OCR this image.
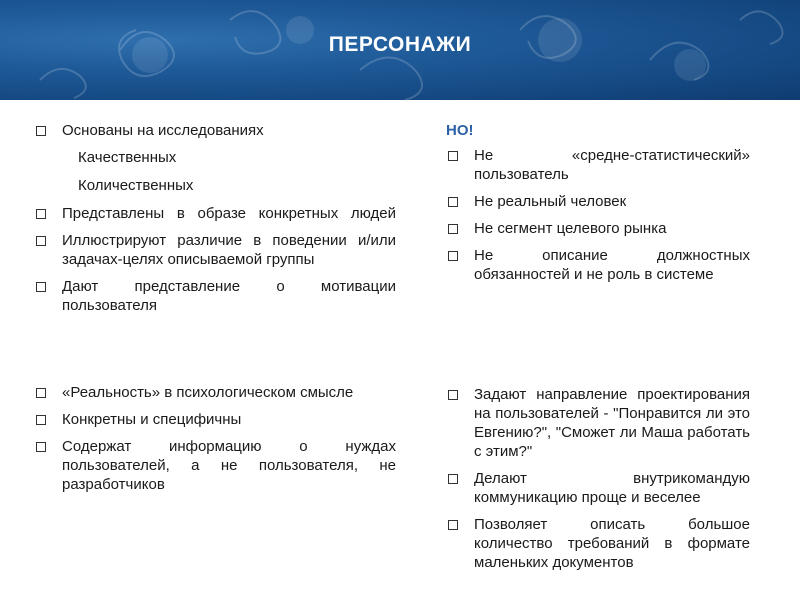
ПЕРСОНАЖИ
Основаны на исследованиях
Качественных
Количественных
Представлены в образе конкретных людей
Иллюстрируют различие в поведении и/или задачах-целях описываемой группы
Дают представление о мотивации пользователя
«Реальность» в психологическом смысле
Конкретны и специфичны
Содержат информацию о нуждах пользователей, а не пользователя, не разработчиков
НО!
Не «средне-статистический» пользователь
Не реальный человек
Не сегмент целевого рынка
Не описание должностных обязанностей и не роль в системе
Задают направление проектирования на пользователей - "Понравится ли это Евгению?", "Сможет ли Маша работать с этим?"
Делают внутрикомандую коммуникацию проще и веселее
Позволяет описать большое количество требований в формате маленьких документов
